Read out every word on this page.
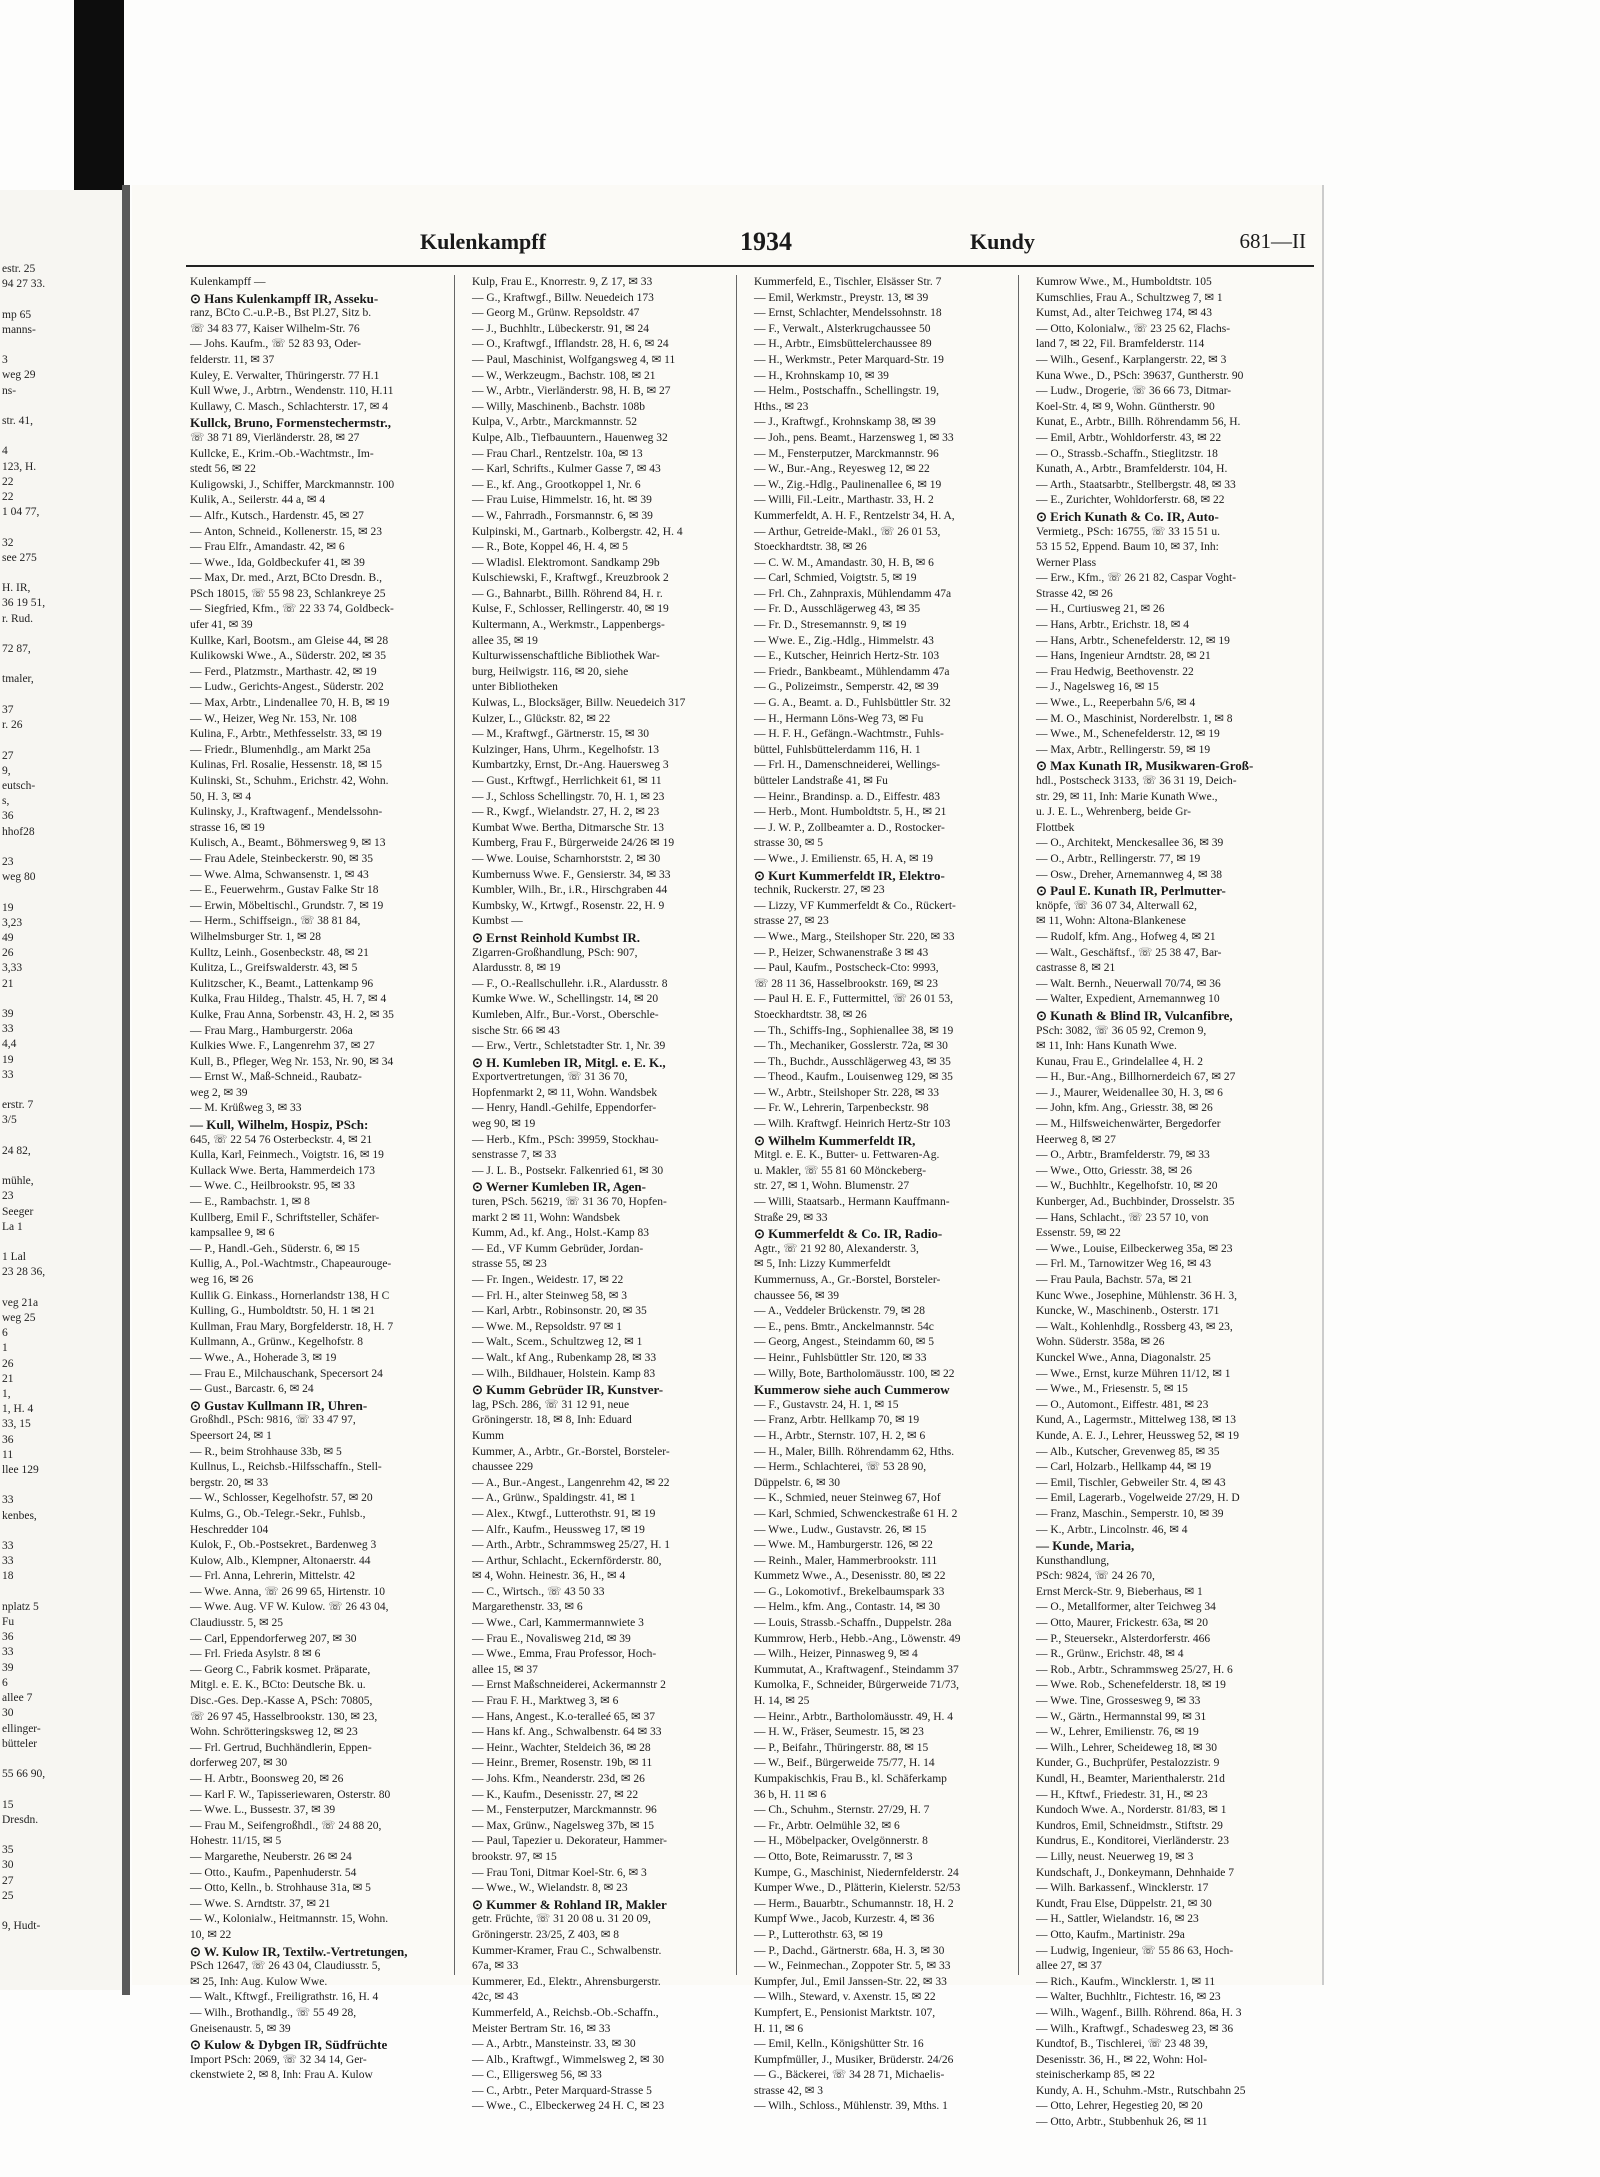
estr. 25
94 27 33.

mp 65
manns-

3
weg 29
ns-

str. 41,

4
123, H.
22
22
1 04 77,

32
see 275

H. IR,
36 19 51,
r. Rud.

72 87,

tmaler,

37
r. 26

27
9,
eutsch-
s,
36
hhof28

23
weg 80

19
3,23
49
26
3,33
21

39
33
4,4
19
33

erstr. 7
3/5

24 82,

mühle,
23
Seeger
La 1

1 Lal
23 28 36,

veg 21a
weg 25
6
1
26
21
1,
1, H. 4
33, 15
36
11
llee 129

33
kenbes,

33
33
18

nplatz 5
Fu
36
33
39
6
allee 7
30
ellinger-
bütteler

55 66 90,

15
Dresdn.

35
30
27
25

9, Hudt-
Kulenkampff	1934	Kundy	681—II
Kulenkampff —
⊙ Hans Kulenkampff IR, Asseku-
ranz, BCto C.-u.P.-B., Bst Pl.27, Sitz b.
☏ 34 83 77, Kaiser Wilhelm-Str. 76
— Johs. Kaufm., ☏ 52 83 93, Oder-
felderstr. 11, ✉ 37
Kuley, E. Verwalter, Thüringerstr. 77 H.1
Kull Wwe, J., Arbtrn., Wendenstr. 110, H.11
Kullawy, C. Masch., Schlachterstr. 17, ✉ 4
Kullck, Bruno, Formenstechermstr.,
☏ 38 71 89, Vierländerstr. 28, ✉ 27
Kullcke, E., Krim.-Ob.-Wachtmstr., Im-
stedt 56, ✉ 22
Kuligowski, J., Schiffer, Marckmannstr. 100
Kulik, A., Seilerstr. 44 a, ✉ 4
— Alfr., Kutsch., Hardenstr. 45, ✉ 27
— Anton, Schneid., Kollenerstr. 15, ✉ 23
— Frau Elfr., Amandastr. 42, ✉ 6
— Wwe., Ida, Goldbeckufer 41, ✉ 39
— Max, Dr. med., Arzt, BCto Dresdn. B.,
PSch 18015, ☏ 55 98 23, Schlankreye 25
— Siegfried, Kfm., ☏ 22 33 74, Goldbeck-
ufer 41, ✉ 39
Kullke, Karl, Bootsm., am Gleise 44, ✉ 28
Kulikowski Wwe., A., Süderstr. 202, ✉ 35
— Ferd., Platzmstr., Marthastr. 42, ✉ 19
— Ludw., Gerichts-Angest., Süderstr. 202
— Max, Arbtr., Lindenallee 70, H. B, ✉ 19
— W., Heizer, Weg Nr. 153, Nr. 108
Kulina, F., Arbtr., Methfesselstr. 33, ✉ 19
— Friedr., Blumenhdlg., am Markt 25a
Kulinas, Frl. Rosalie, Hessenstr. 18, ✉ 15
Kulinski, St., Schuhm., Erichstr. 42, Wohn.
50, H. 3, ✉ 4
Kulinsky, J., Kraftwagenf., Mendelssohn-
strasse 16, ✉ 19
Kulisch, A., Beamt., Böhmersweg 9, ✉ 13
— Frau Adele, Steinbeckerstr. 90, ✉ 35
— Wwe. Alma, Schwansenstr. 1, ✉ 43
— E., Feuerwehrm., Gustav Falke Str 18
— Erwin, Möbeltischl., Grundstr. 7, ✉ 19
— Herm., Schiffseign., ☏ 38 81 84,
Wilhelmsburger Str. 1, ✉ 28
Kulltz, Leinh., Gosenbeckstr. 48, ✉ 21
Kulitza, L., Greifswalderstr. 43, ✉ 5
Kulitzscher, K., Beamt., Lattenkamp 96
Kulka, Frau Hildeg., Thalstr. 45, H. 7, ✉ 4
Kulke, Frau Anna, Sorbenstr. 43, H. 2, ✉ 35
— Frau Marg., Hamburgerstr. 206a
Kulkies Wwe. F., Langenrehm 37, ✉ 27
Kull, B., Pfleger, Weg Nr. 153, Nr. 90, ✉ 34
— Ernst W., Maß-Schneid., Raubatz-
weg 2, ✉ 39
— M. Krüßweg 3, ✉ 33
— Kull, Wilhelm, Hospiz, PSch:
645, ☏ 22 54 76 Osterbeckstr. 4, ✉ 21
Kulla, Karl, Feinmech., Voigtstr. 16, ✉ 19
Kullack Wwe. Berta, Hammerdeich 173
— Wwe. C., Heilbrookstr. 95, ✉ 33
— E., Rambachstr. 1, ✉ 8
Kullberg, Emil F., Schriftsteller, Schäfer-
kampsallee 9, ✉ 6
— P., Handl.-Geh., Süderstr. 6, ✉ 15
Kullig, A., Pol.-Wachtmstr., Chapeaurouge-
weg 16, ✉ 26
Kullik G. Einkass., Hornerlandstr 138, H C
Kulling, G., Humboldtstr. 50, H. 1 ✉ 21
Kullman, Frau Mary, Borgfelderstr. 18, H. 7
Kullmann, A., Grünw., Kegelhofstr. 8
— Wwe., A., Hoherade 3, ✉ 19
— Frau E., Milchauschank, Specersort 24
— Gust., Barcastr. 6, ✉ 24
⊙ Gustav Kullmann IR, Uhren-
Großhdl., PSch: 9816, ☏ 33 47 97,
Speersort 24, ✉ 1
— R., beim Strohhause 33b, ✉ 5
Kullnus, L., Reichsb.-Hilfsschaffn., Stell-
bergstr. 20, ✉ 33
— W., Schlosser, Kegelhofstr. 57, ✉ 20
Kulms, G., Ob.-Telegr.-Sekr., Fuhlsb.,
Heschredder 104
Kulok, F., Ob.-Postsekret., Bardenweg 3
Kulow, Alb., Klempner, Altonaerstr. 44
— Frl. Anna, Lehrerin, Mittelstr. 42
— Wwe. Anna, ☏ 26 99 65, Hirtenstr. 10
— Wwe. Aug. VF W. Kulow. ☏ 26 43 04,
Claudiusstr. 5, ✉ 25
— Carl, Eppendorferweg 207, ✉ 30
— Frl. Frieda Asylstr. 8 ✉ 6
— Georg C., Fabrik kosmet. Präparate,
Mitgl. e. E. K., BCto: Deutsche Bk. u.
Disc.-Ges. Dep.-Kasse A, PSch: 70805,
☏ 26 97 45, Hasselbrookstr. 130, ✉ 23,
Wohn. Schrötteringsksweg 12, ✉ 23
— Frl. Gertrud, Buchhändlerin, Eppen-
dorferweg 207, ✉ 30
— H. Arbtr., Boonsweg 20, ✉ 26
— Karl F. W., Tapisseriewaren, Osterstr. 80
— Wwe. L., Bussestr. 37, ✉ 39
— Frau M., Seifengroßhdl., ☏ 24 88 20,
Hohestr. 11/15, ✉ 5
— Margarethe, Neuberstr. 26 ✉ 24
— Otto., Kaufm., Papenhuderstr. 54
— Otto, Kelln., b. Strohhause 31a, ✉ 5
— Wwe. S. Arndtstr. 37, ✉ 21
— W., Kolonialw., Heitmannstr. 15, Wohn.
10, ✉ 22
⊙ W. Kulow IR, Textilw.-Vertretungen,
PSch 12647, ☏ 26 43 04, Claudiusstr. 5,
✉ 25, Inh: Aug. Kulow Wwe.
— Walt., Kftwgf., Freiligrathstr. 16, H. 4
— Wilh., Brothandlg., ☏ 55 49 28,
Gneisenaustr. 5, ✉ 39
⊙ Kulow & Dybgen IR, Südfrüchte
Import PSch: 2069, ☏ 32 34 14, Ger-
ckenstwiete 2, ✉ 8, Inh: Frau A. Kulow
Kulp, Frau E., Knorrestr. 9, Z 17, ✉ 33
— G., Kraftwgf., Billw. Neuedeich 173
— Georg M., Grünw. Repsoldstr. 47
— J., Buchhltr., Lübeckerstr. 91, ✉ 24
— O., Kraftwgf., Ifflandstr. 28, H. 6, ✉ 24
— Paul, Maschinist, Wolfgangsweg 4, ✉ 11
— W., Werkzeugm., Bachstr. 108, ✉ 21
— W., Arbtr., Vierländerstr. 98, H. B, ✉ 27
— Willy, Maschinenb., Bachstr. 108b
Kulpa, V., Arbtr., Marckmannstr. 52
Kulpe, Alb., Tiefbauuntern., Hauenweg 32
— Frau Charl., Rentzelstr. 10a, ✉ 13
— Karl, Schrifts., Kulmer Gasse 7, ✉ 43
— E., kf. Ang., Grootkoppel 1, Nr. 6
— Frau Luise, Himmelstr. 16, ht. ✉ 39
— W., Fahrradh., Forsmannstr. 6, ✉ 39
Kulpinski, M., Gartnarb., Kolbergstr. 42, H. 4
— R., Bote, Koppel 46, H. 4, ✉ 5
— Wladisl. Elektromont. Sandkamp 29b
Kulschiewski, F., Kraftwgf., Kreuzbrook 2
— G., Bahnarbt., Billh. Röhrend 84, H. r.
Kulse, F., Schlosser, Rellingerstr. 40, ✉ 19
Kultermann, A., Werkmstr., Lappenbergs-
allee 35, ✉ 19
Kulturwissenschaftliche Bibliothek War-
burg, Heilwigstr. 116, ✉ 20, siehe
unter Bibliotheken
Kulwas, L., Blocksäger, Billw. Neuedeich 317
Kulzer, L., Glückstr. 82, ✉ 22
— M., Kraftwgf., Gärtnerstr. 15, ✉ 30
Kulzinger, Hans, Uhrm., Kegelhofstr. 13
Kumbartzky, Ernst, Dr.-Ang. Hauersweg 3
— Gust., Krftwgf., Herrlichkeit 61, ✉ 11
— J., Schloss Schellingstr. 70, H. 1, ✉ 23
— R., Kwgf., Wielandstr. 27, H. 2, ✉ 23
Kumbat Wwe. Bertha, Ditmarsche Str. 13
Kumberg, Frau F., Bürgerweide 24/26 ✉ 19
— Wwe. Louise, Scharnhorststr. 2, ✉ 30
Kumbernuss Wwe. F., Gensierstr. 34, ✉ 33
Kumbler, Wilh., Br., i.R., Hirschgraben 44
Kumbsky, W., Krtwgf., Rosenstr. 22, H. 9
Kumbst —
⊙ Ernst Reinhold Kumbst IR.
Zigarren-Großhandlung, PSch: 907,
Alardusstr. 8, ✉ 19
— F., O.-Reallschullehr. i.R., Alardusstr. 8
Kumke Wwe. W., Schellingstr. 14, ✉ 20
Kumleben, Alfr., Bur.-Vorst., Oberschle-
sische Str. 66 ✉ 43
— Erw., Vertr., Schletstadter Str. 1, Nr. 39
⊙ H. Kumleben IR, Mitgl. e. E. K.,
Exportvertretungen, ☏ 31 36 70,
Hopfenmarkt 2, ✉ 11, Wohn. Wandsbek
— Henry, Handl.-Gehilfe, Eppendorfer-
weg 90, ✉ 19
— Herb., Kfm., PSch: 39959, Stockhau-
senstrasse 7, ✉ 33
— J. L. B., Postsekr. Falkenried 61, ✉ 30
⊙ Werner Kumleben IR, Agen-
turen, PSch. 56219, ☏ 31 36 70, Hopfen-
markt 2 ✉ 11, Wohn: Wandsbek
Kumm, Ad., kf. Ang., Holst.-Kamp 83
— Ed., VF Kumm Gebrüder, Jordan-
strasse 55, ✉ 23
— Fr. Ingen., Weidestr. 17, ✉ 22
— Frl. H., alter Steinweg 58, ✉ 3
— Karl, Arbtr., Robinsonstr. 20, ✉ 35
— Wwe. M., Repsoldstr. 97 ✉ 1
— Walt., Scem., Schultzweg 12, ✉ 1
— Walt., kf Ang., Rubenkamp 28, ✉ 33
— Wilh., Bildhauer, Holstein. Kamp 83
⊙ Kumm Gebrüder IR, Kunstver-
lag, PSch. 286, ☏ 31 12 91, neue
Gröningerstr. 18, ✉ 8, Inh: Eduard
Kumm
Kummer, A., Arbtr., Gr.-Borstel, Borsteler-
chaussee 229
— A., Bur.-Angest., Langenrehm 42, ✉ 22
— A., Grünw., Spaldingstr. 41, ✉ 1
— Alex., Ktwgf., Lutterothstr. 91, ✉ 19
— Alfr., Kaufm., Heussweg 17, ✉ 19
— Arth., Arbtr., Schrammsweg 25/27, H. 1
— Arthur, Schlacht., Eckernförderstr. 80,
✉ 4, Wohn. Heinestr. 36, H., ✉ 4
— C., Wirtsch., ☏ 43 50 33
Margarethenstr. 33, ✉ 6
— Wwe., Carl, Kammermannwiete 3
— Frau E., Novalisweg 21d, ✉ 39
— Wwe., Emma, Frau Professor, Hoch-
allee 15, ✉ 37
— Ernst Maßschneiderei, Ackermannstr 2
— Frau F. H., Marktweg 3, ✉ 6
— Hans, Angest., K.o-teralleé 65, ✉ 37
— Hans kf. Ang., Schwalbenstr. 64 ✉ 33
— Heinr., Wachter, Steldeich 36, ✉ 28
— Heinr., Bremer, Rosenstr. 19b, ✉ 11
— Johs. Kfm., Neanderstr. 23d, ✉ 26
— K., Kaufm., Desenisstr. 27, ✉ 22
— M., Fensterputzer, Marckmannstr. 96
— Max, Grünw., Nagelsweg 37b, ✉ 15
— Paul, Tapezier u. Dekorateur, Hammer-
brookstr. 97, ✉ 15
— Frau Toni, Ditmar Koel-Str. 6, ✉ 3
— Wwe., W., Wielandstr. 8, ✉ 23
⊙ Kummer & Rohland IR, Makler
getr. Früchte, ☏ 31 20 08 u. 31 20 09,
Gröningerstr. 23/25, Z 403, ✉ 8
Kummer-Kramer, Frau C., Schwalbenstr.
67a, ✉ 33
Kummerer, Ed., Elektr., Ahrensburgerstr.
42c, ✉ 43
Kummerfeld, A., Reichsb.-Ob.-Schaffn.,
Meister Bertram Str. 16, ✉ 33
— A., Arbtr., Mansteinstr. 33, ✉ 30
— Alb., Kraftwgf., Wimmelsweg 2, ✉ 30
— C., Elligersweg 56, ✉ 33
— C., Arbtr., Peter Marquard-Strasse 5
— Wwe., C., Elbeckerweg 24 H. C, ✉ 23
Kummerfeld, E., Tischler, Elsässer Str. 7
— Emil, Werkmstr., Preystr. 13, ✉ 39
— Ernst, Schlachter, Mendelssohnstr. 18
— F., Verwalt., Alsterkrugchaussee 50
— H., Arbtr., Eimsbüttelerchaussee 89
— H., Werkmstr., Peter Marquard-Str. 19
— H., Krohnskamp 10, ✉ 39
— Helm., Postschaffn., Schellingstr. 19,
Hths., ✉ 23
— J., Kraftwgf., Krohnskamp 38, ✉ 39
— Joh., pens. Beamt., Harzensweg 1, ✉ 33
— M., Fensterputzer, Marckmannstr. 96
— W., Bur.-Ang., Reyesweg 12, ✉ 22
— W., Zig.-Hdlg., Paulinenallee 6, ✉ 19
— Willi, Fil.-Leitr., Marthastr. 33, H. 2
Kummerfeldt, A. H. F., Rentzelstr 34, H. A,
— Arthur, Getreide-Makl., ☏ 26 01 53,
Stoeckhardtstr. 38, ✉ 26
— C. W. M., Amandastr. 30, H. B, ✉ 6
— Carl, Schmied, Voigtstr. 5, ✉ 19
— Frl. Ch., Zahnpraxis, Mühlendamm 47a
— Fr. D., Ausschlägerweg 43, ✉ 35
— Fr. D., Stresemannstr. 9, ✉ 19
— Wwe. E., Zig.-Hdlg., Himmelstr. 43
— E., Kutscher, Heinrich Hertz-Str. 103
— Friedr., Bankbeamt., Mühlendamm 47a
— G., Polizeimstr., Semperstr. 42, ✉ 39
— G. A., Beamt. a. D., Fuhlsbüttler Str. 32
— H., Hermann Löns-Weg 73, ✉ Fu
— H. F. H., Gefängn.-Wachtmstr., Fuhls-
büttel, Fuhlsbüttelerdamm 116, H. 1
— Frl. H., Damenschneiderei, Wellings-
bütteler Landstraße 41, ✉ Fu
— Heinr., Brandinsp. a. D., Eiffestr. 483
— Herb., Mont. Humboldtstr. 5, H., ✉ 21
— J. W. P., Zollbeamter a. D., Rostocker-
strasse 30, ✉ 5
— Wwe., J. Emilienstr. 65, H. A, ✉ 19
⊙ Kurt Kummerfeldt IR, Elektro-
technik, Ruckerstr. 27, ✉ 23
— Lizzy, VF Kummerfeldt & Co., Rückert-
strasse 27, ✉ 23
— Wwe., Marg., Steilshoper Str. 220, ✉ 33
— P., Heizer, Schwanenstraße 3 ✉ 43
— Paul, Kaufm., Postscheck-Cto: 9993,
☏ 28 11 36, Hasselbrookstr. 169, ✉ 23
— Paul H. E. F., Futtermittel, ☏ 26 01 53,
Stoeckhardtstr. 38, ✉ 26
— Th., Schiffs-Ing., Sophienallee 38, ✉ 19
— Th., Mechaniker, Gosslerstr. 72a, ✉ 30
— Th., Buchdr., Ausschlägerweg 43, ✉ 35
— Theod., Kaufm., Louisenweg 129, ✉ 35
— W., Arbtr., Steilshoper Str. 228, ✉ 33
— Fr. W., Lehrerin, Tarpenbeckstr. 98
— Wilh. Kraftwgf. Heinrich Hertz-Str 103
⊙ Wilhelm Kummerfeldt IR,
Mitgl. e. E. K., Butter- u. Fettwaren-Ag.
u. Makler, ☏ 55 81 60 Mönckeberg-
str. 27, ✉ 1, Wohn. Blumenstr. 27
— Willi, Staatsarb., Hermann Kauffmann-
Straße 29, ✉ 33
⊙ Kummerfeldt & Co. IR, Radio-
Agtr., ☏ 21 92 80, Alexanderstr. 3,
✉ 5, Inh: Lizzy Kummerfeldt
Kummernuss, A., Gr.-Borstel, Borsteler-
chaussee 56, ✉ 39
— A., Veddeler Brückenstr. 79, ✉ 28
— E., pens. Bmtr., Anckelmannstr. 54c
— Georg, Angest., Steindamm 60, ✉ 5
— Heinr., Fuhlsbüttler Str. 120, ✉ 33
— Willy, Bote, Bartholomäusstr. 100, ✉ 22
Kummerow siehe auch Cummerow
— F., Gustavstr. 24, H. 1, ✉ 15
— Franz, Arbtr. Hellkamp 70, ✉ 19
— H., Arbtr., Sternstr. 107, H. 2, ✉ 6
— H., Maler, Billh. Röhrendamm 62, Hths.
— Herm., Schlachterei, ☏ 53 28 90,
Düppelstr. 6, ✉ 30
— K., Schmied, neuer Steinweg 67, Hof
— Karl, Schmied, Schwenckestraße 61 H. 2
— Wwe., Ludw., Gustavstr. 26, ✉ 15
— Wwe. M., Hamburgerstr. 126, ✉ 22
— Reinh., Maler, Hammerbrookstr. 111
Kummetz Wwe., A., Desenisstr. 80, ✉ 22
— G., Lokomotivf., Brekelbaumspark 33
— Helm., kfm. Ang., Contastr. 14, ✉ 30
— Louis, Strassb.-Schaffn., Duppelstr. 28a
Kummrow, Herb., Hebb.-Ang., Löwenstr. 49
— Wilh., Heizer, Pinnasweg 9, ✉ 4
Kummutat, A., Kraftwagenf., Steindamm 37
Kumolka, F., Schneider, Bürgerweide 71/73,
H. 14, ✉ 25
— Heinr., Arbtr., Bartholomäusstr. 49, H. 4
— H. W., Fräser, Seumestr. 15, ✉ 23
— P., Beifahr., Thüringerstr. 88, ✉ 15
— W., Beif., Bürgerweide 75/77, H. 14
Kumpakischkis, Frau B., kl. Schäferkamp
36 b, H. 11 ✉ 6
— Ch., Schuhm., Sternstr. 27/29, H. 7
— Fr., Arbtr. Oelmühle 32, ✉ 6
— H., Möbelpacker, Ovelgönnerstr. 8
— Otto, Bote, Reimarusstr. 7, ✉ 3
Kumpe, G., Maschinist, Niedernfelderstr. 24
Kumper Wwe., D., Plätterin, Kielerstr. 52/53
— Herm., Bauarbtr., Schumannstr. 18, H. 2
Kumpf Wwe., Jacob, Kurzestr. 4, ✉ 36
— P., Lutterothstr. 63, ✉ 19
— P., Dachd., Gärtnerstr. 68a, H. 3, ✉ 30
— W., Feinmechan., Zoppoter Str. 5, ✉ 33
Kumpfer, Jul., Emil Janssen-Str. 22, ✉ 33
— Wilh., Steward, v. Axenstr. 15, ✉ 22
Kumpfert, E., Pensionist Marktstr. 107,
H. 11, ✉ 6
— Emil, Kelln., Königshütter Str. 16
Kumpfmüller, J., Musiker, Brüderstr. 24/26
— G., Bäckerei, ☏ 34 28 71, Michaelis-
strasse 42, ✉ 3
— Wilh., Schloss., Mühlenstr. 39, Mths. 1
Kumrow Wwe., M., Humboldtstr. 105
Kumschlies, Frau A., Schultzweg 7, ✉ 1
Kumst, Ad., alter Teichweg 174, ✉ 43
— Otto, Kolonialw., ☏ 23 25 62, Flachs-
land 7, ✉ 22, Fil. Bramfelderstr. 114
— Wilh., Gesenf., Karplangerstr. 22, ✉ 3
Kuna Wwe., D., PSch: 39637, Guntherstr. 90
— Ludw., Drogerie, ☏ 36 66 73, Ditmar-
Koel-Str. 4, ✉ 9, Wohn. Güntherstr. 90
Kunat, E., Arbtr., Billh. Röhrendamm 56, H.
— Emil, Arbtr., Wohldorferstr. 43, ✉ 22
— O., Strassb.-Schaffn., Stieglitzstr. 18
Kunath, A., Arbtr., Bramfelderstr. 104, H.
— Arth., Staatsarbtr., Stellbergstr. 48, ✉ 33
— E., Zurichter, Wohldorferstr. 68, ✉ 22
⊙ Erich Kunath & Co. IR, Auto-
Vermietg., PSch: 16755, ☏ 33 15 51 u.
53 15 52, Eppend. Baum 10, ✉ 37, Inh:
Werner Plass
— Erw., Kfm., ☏ 26 21 82, Caspar Voght-
Strasse 42, ✉ 26
— H., Curtiusweg 21, ✉ 26
— Hans, Arbtr., Erichstr. 18, ✉ 4
— Hans, Arbtr., Schenefelderstr. 12, ✉ 19
— Hans, Ingenieur Arndtstr. 28, ✉ 21
— Frau Hedwig, Beethovenstr. 22
— J., Nagelsweg 16, ✉ 15
— Wwe., L., Reeperbahn 5/6, ✉ 4
— M. O., Maschinist, Norderelbstr. 1, ✉ 8
— Wwe., M., Schenefelderstr. 12, ✉ 19
— Max, Arbtr., Rellingerstr. 59, ✉ 19
⊙ Max Kunath IR, Musikwaren-Groß-
hdl., Postscheck 3133, ☏ 36 31 19, Deich-
str. 29, ✉ 11, Inh: Marie Kunath Wwe.,
u. J. E. L., Wehrenberg, beide Gr-
Flottbek
— O., Architekt, Menckesallee 36, ✉ 39
— O., Arbtr., Rellingerstr. 77, ✉ 19
— Osw., Dreher, Arnemannweg 4, ✉ 38
⊙ Paul E. Kunath IR, Perlmutter-
knöpfe, ☏ 36 07 34, Alterwall 62,
✉ 11, Wohn: Altona-Blankenese
— Rudolf, kfm. Ang., Hofweg 4, ✉ 21
— Walt., Geschäftsf., ☏ 25 38 47, Bar-
castrasse 8, ✉ 21
— Walt. Bernh., Neuerwall 70/74, ✉ 36
— Walter, Expedient, Arnemannweg 10
⊙ Kunath & Blind IR, Vulcanfibre,
PSch: 3082, ☏ 36 05 92, Cremon 9,
✉ 11, Inh: Hans Kunath Wwe.
Kunau, Frau E., Grindelallee 4, H. 2
— H., Bur.-Ang., Billhornerdeich 67, ✉ 27
— J., Maurer, Weidenallee 30, H. 3, ✉ 6
— John, kfm. Ang., Griesstr. 38, ✉ 26
— M., Hilfsweichenwärter, Bergedorfer
Heerweg 8, ✉ 27
— O., Arbtr., Bramfelderstr. 79, ✉ 33
— Wwe., Otto, Griesstr. 38, ✉ 26
— W., Buchhltr., Kegelhofstr. 10, ✉ 20
Kunberger, Ad., Buchbinder, Drosselstr. 35
— Hans, Schlacht., ☏ 23 57 10, von
Essenstr. 59, ✉ 22
— Wwe., Louise, Eilbeckerweg 35a, ✉ 23
— Frl. M., Tarnowitzer Weg 16, ✉ 43
— Frau Paula, Bachstr. 57a, ✉ 21
Kunc Wwe., Josephine, Mühlenstr. 36 H. 3,
Kuncke, W., Maschinenb., Osterstr. 171
— Walt., Kohlenhdlg., Rossberg 43, ✉ 23,
Wohn. Süderstr. 358a, ✉ 26
Kunckel Wwe., Anna, Diagonalstr. 25
— Wwe., Ernst, kurze Mühren 11/12, ✉ 1
— Wwe., M., Friesenstr. 5, ✉ 15
— O., Automont., Eiffestr. 481, ✉ 23
Kund, A., Lagermstr., Mittelweg 138, ✉ 13
Kunde, A. E. J., Lehrer, Heussweg 52, ✉ 19
— Alb., Kutscher, Grevenweg 85, ✉ 35
— Carl, Holzarb., Hellkamp 44, ✉ 19
— Emil, Tischler, Gebweiler Str. 4, ✉ 43
— Emil, Lagerarb., Vogelweide 27/29, H. D
— Franz, Maschin., Semperstr. 10, ✉ 39
— K., Arbtr., Lincolnstr. 46, ✉ 4
— Kunde, Maria,
Kunsthandlung,
PSch: 9824, ☏ 24 26 70,
Ernst Merck-Str. 9, Bieberhaus, ✉ 1
— O., Metallformer, alter Teichweg 34
— Otto, Maurer, Frickestr. 63a, ✉ 20
— P., Steuersekr., Alsterdorferstr. 466
— R., Grünw., Erichstr. 48, ✉ 4
— Rob., Arbtr., Schrammsweg 25/27, H. 6
— Wwe. Rob., Schenefelderstr. 18, ✉ 19
— Wwe. Tine, Grossesweg 9, ✉ 33
— W., Gärtn., Hermannstal 99, ✉ 31
— W., Lehrer, Emilienstr. 76, ✉ 19
— Wilh., Lehrer, Scheideweg 18, ✉ 30
Kunder, G., Buchprüfer, Pestalozzistr. 9
Kundl, H., Beamter, Marienthalerstr. 21d
— H., Kftwf., Friedestr. 31, H., ✉ 23
Kundoch Wwe. A., Norderstr. 81/83, ✉ 1
Kundros, Emil, Schneidmstr., Stiftstr. 29
Kundrus, E., Konditorei, Vierländerstr. 23
— Lilly, neust. Neuerweg 19, ✉ 3
Kundschaft, J., Donkeymann, Dehnhaide 7
— Wilh. Barkassenf., Wincklerstr. 17
Kundt, Frau Else, Düppelstr. 21, ✉ 30
— H., Sattler, Wielandstr. 16, ✉ 23
— Otto, Kaufm., Martinistr. 29a
— Ludwig, Ingenieur, ☏ 55 86 63, Hoch-
allee 27, ✉ 37
— Rich., Kaufm., Wincklerstr. 1, ✉ 11
— Walter, Buchhltr., Fichtestr. 16, ✉ 23
— Wilh., Wagenf., Billh. Röhrend. 86a, H. 3
— Wilh., Kraftwgf., Schadesweg 23, ✉ 36
Kundtof, B., Tischlerei, ☏ 23 48 39,
Desenisstr. 36, H., ✉ 22, Wohn: Hol-
steinischerkamp 85, ✉ 22
Kundy, A. H., Schuhm.-Mstr., Rutschbahn 25
— Otto, Lehrer, Hegestieg 20, ✉ 20
— Otto, Arbtr., Stubbenhuk 26, ✉ 11
